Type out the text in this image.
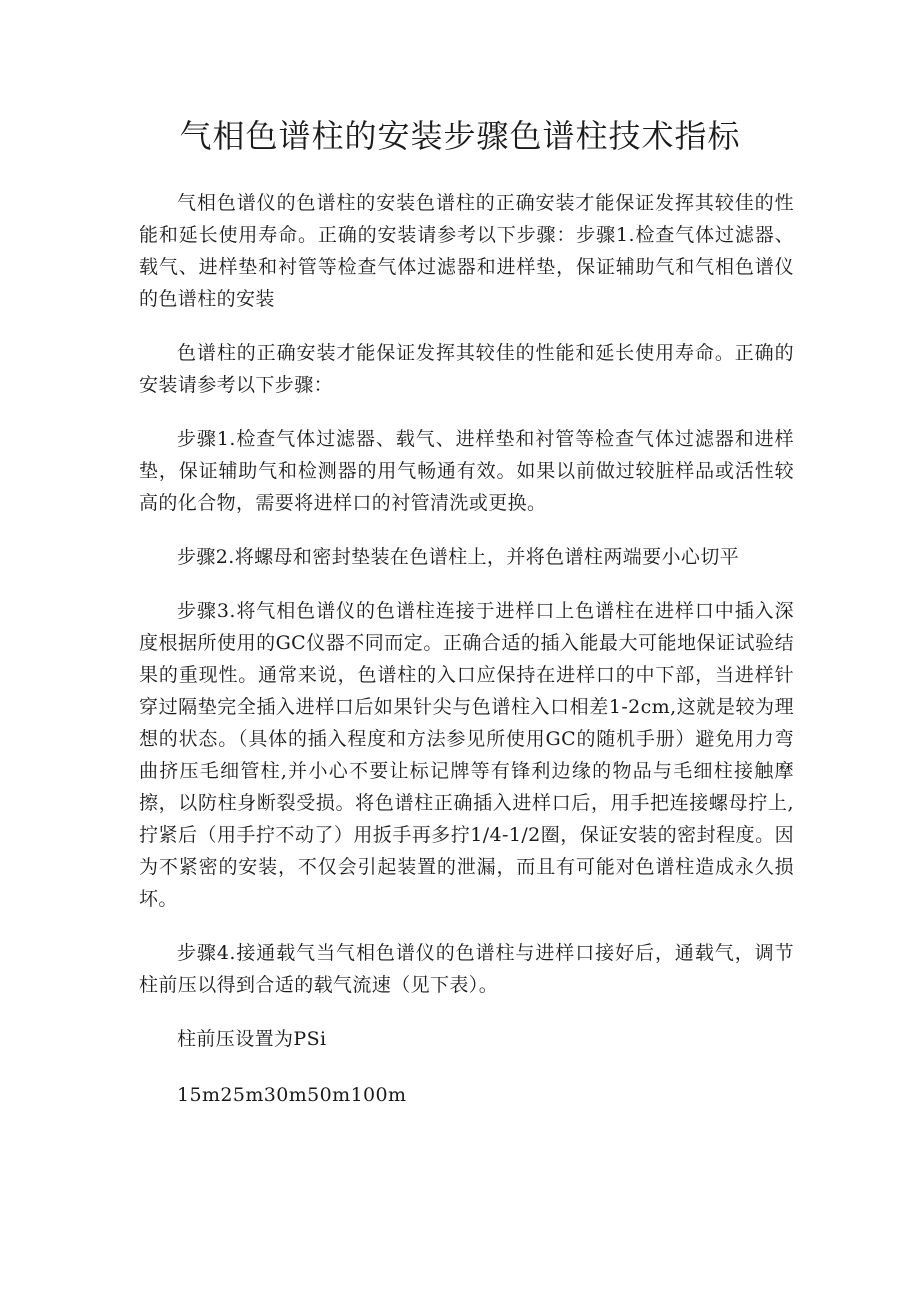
气相色谱柱的安装步骤色谱柱技术指标

气相色谱仪的色谱柱的安装色谱柱的正确安装才能保证发挥其较佳的性能和延长使用寿命。正确的安装请参考以下步骤：步骤1.检查气体过滤器、载气、进样垫和衬管等检查气体过滤器和进样垫，保证辅助气和气相色谱仪的色谱柱的安装

色谱柱的正确安装才能保证发挥其较佳的性能和延长使用寿命。正确的安装请参考以下步骤：

步骤1.检查气体过滤器、载气、进样垫和衬管等检查气体过滤器和进样垫，保证辅助气和检测器的用气畅通有效。如果以前做过较脏样品或活性较高的化合物，需要将进样口的衬管清洗或更换。

步骤2.将螺母和密封垫装在色谱柱上，并将色谱柱两端要小心切平

步骤3.将气相色谱仪的色谱柱连接于进样口上色谱柱在进样口中插入深度根据所使用的GC仪器不同而定。正确合适的插入能最大可能地保证试验结果的重现性。通常来说，色谱柱的入口应保持在进样口的中下部，当进样针穿过隔垫完全插入进样口后如果针尖与色谱柱入口相差1-2cm,这就是较为理想的状态。（具体的插入程度和方法参见所使用GC的随机手册）避免用力弯曲挤压毛细管柱,并小心不要让标记牌等有锋利边缘的物品与毛细柱接触摩擦，以防柱身断裂受损。将色谱柱正确插入进样口后，用手把连接螺母拧上,拧紧后（用手拧不动了）用扳手再多拧1/4-1/2圈，保证安装的密封程度。因为不紧密的安装，不仅会引起装置的泄漏，而且有可能对色谱柱造成永久损坏。

步骤4.接通载气当气相色谱仪的色谱柱与进样口接好后，通载气，调节柱前压以得到合适的载气流速（见下表）。

柱前压设置为PSi

15m25m30m50m100m
